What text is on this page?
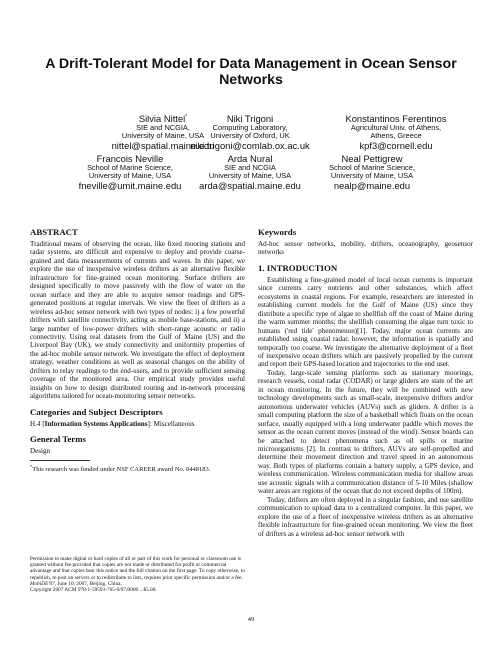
A Drift-Tolerant Model for Data Management in Ocean Sensor Networks
Silvia Nittel*
SIE and NCGIA,
University of Maine, USA
nittel@spatial.maine.edu
Niki Trigoni
Computing Laboratory,
University of Oxford, UK
niki.trigoni@comlab.ox.ac.uk
Konstantinos Ferentinos
Agricultural Univ. of Athens,
Athens, Greece
kpf3@cornell.edu
Francois Neville
School of Marine Science,
University of Maine, USA
fneville@umit.maine.edu
Arda Nural
SIE and NCGIA
University of Maine, USA
arda@spatial.maine.edu
Neal Pettigrew
School of Marine Science,
University of Maine, USA
nealp@maine.edu
ABSTRACT

Traditional means of observing the ocean, like fixed mooring stations and radar systems, are difficult and expensive to deploy and provide coarse-grained and data measurements of currents and waves. In this paper, we explore the use of inexpensive wireless drifters as an alternative flexible infrastructure for fine-grained ocean monitoring. Surface drifters are designed specifically to move passively with the flow of water on the ocean surface and they are able to acquire sensor readings and GPS-generated positions at regular intervals. We view the fleet of drifters as a wireless ad-hoc sensor network with two types of nodes: i) a few powerful drifters with satellite connectivity, acting as mobile base-stations, and ii) a large number of low-power drifters with short-range acoustic or radio connectivity. Using real datasets from the Gulf of Maine (US) and the Liverpool Bay (UK), we study connectivity and uniformity properties of the ad-hoc mobile sensor network. We investigate the effect of deployment strategy, weather conditions as well as seasonal changes on the ability of drifters to relay readings to the end-users, and to provide sufficient sensing coverage of the monitored area. Our empirical study provides useful insights on how to design distributed routing and in-network processing algorithms tailored for ocean-monitoring sensor networks.

Categories and Subject Descriptors

H.4 [Information Systems Applications]: Miscellaneous

General Terms

Design

*This research was funded under NSF CAREER award No. 0448183.

Permission to make digital or hard copies of all or part of this work for personal or classroom use is granted without fee provided that copies are not made or distributed for profit or commercial advantage and that copies bear this notice and the full citation on the first page. To copy otherwise, to republish, to post on servers or to redistribute to lists, requires prior specific permission and/or a fee.

MobiDE'07, June 10, 2007, Beijing, China.

Copyright 2007 ACM 978-1-59593-765-0/07/0006 ...$5.00.

Keywords

Ad-hoc sensor networks, mobility, drifters, oceanography, geosensor networks

1. INTRODUCTION

Establishing a fine-grained model of local ocean currents is important since currents carry nutrients and other substances, which affect ecosystems in coastal regions. For example, researchers are interested in establishing current models for the Gulf of Maine (US) since they distribute a specific type of algae to shellfish off the coast of Maine during the warm summer months; the shellfish consuming the algae turn toxic to humans ('red tide' phenomenon)[1]. Today, major ocean currents are established using coastal radar, however, the information is spatially and temporally too coarse. We investigate the alternative deployment of a fleet of inexpensive ocean drifters which are passively propelled by the current and report their GPS-based location and trajectories to the end user.

Today, large-scale sensing platforms such as stationary moorings, research vessels, costal radar (CODAR) or large gliders are state of the art in ocean monitoring. In the future, they will be combined with new technology developments such as small-scale, inexpensive drifters and/or autonomous underwater vehicles (AUVs) such as gliders. A drifter is a small computing platform the size of a basketball which floats on the ocean surface, usually equipped with a long underwater paddle which moves the sensor as the ocean current moves (instead of the wind). Sensor boards can be attached to detect phenomena such as oil spills or marine microorganisms [2]. In contrast to drifters, AUVs are self-propelled and determine their movement direction and travel speed in an autonomous way. Both types of platforms contain a battery supply, a GPS device, and wireless communication. Wireless communication media for shallow areas use acoustic signals with a communication distance of 5-10 Miles (shallow water areas are regions of the ocean that do not exceed depths of 100m).

Today, drifters are often deployed in a singular fashion, and use satellite communication to upload data to a centralized computer. In this paper, we explore the use of a fleet of inexpensive wireless drifters as an alternative flexible infrastructure for fine-grained ocean monitoring. We view the fleet of drifters as a wireless ad-hoc sensor network with

49
